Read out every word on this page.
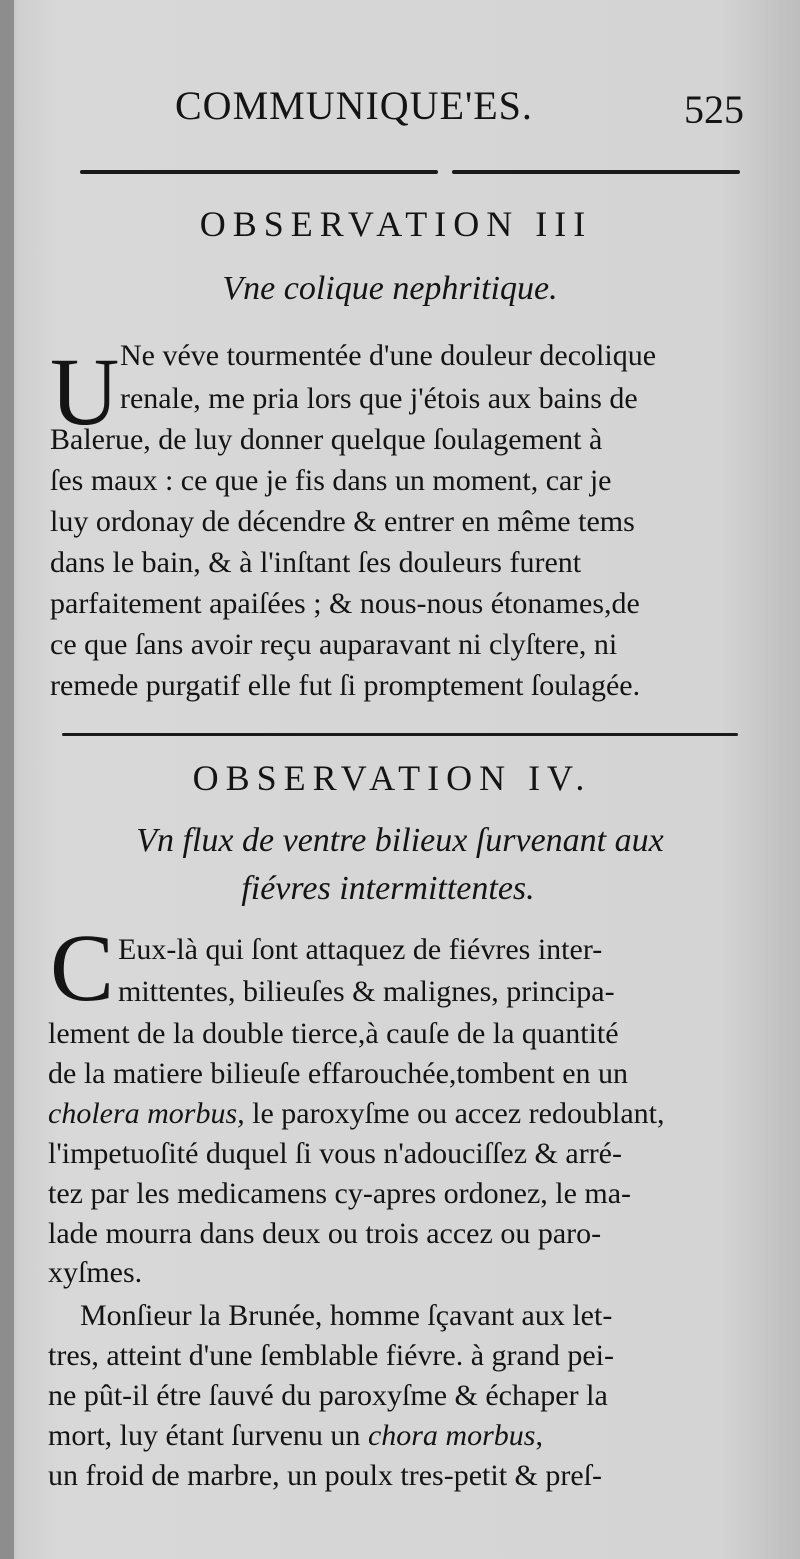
COMMUNIQUE'ES.	525
OBSERVATION III
Vne colique nephritique.
U Ne véve tourmentée d'une douleur decolique
renale, me pria lors que j'étois aux bains de
Balerue, de luy donner quelque ſoulagement à
ſes maux : ce que je fis dans un moment, car je
luy ordonay de décendre & entrer en même tems
dans le bain, & à l'inſtant ſes douleurs furent
parfaitement apaiſées ; & nous-nous étonames,de
ce que ſans avoir reçu auparavant ni clyſtere, ni
remede purgatif elle fut ſi promptement ſoulagée.
OBSERVATION IV.
Vn flux de ventre bilieux ſurvenant aux
fiévres intermittentes.
C Eux-là qui ſont attaquez de fiévres inter-
mittentes, bilieuſes & malignes, principa-
lement de la double tierce,à cauſe de la quantité
de la matiere bilieuſe effarouchée,tombent en un
cholera morbus, le paroxyſme ou accez redoublant,
l'impetuoſité duquel ſi vous n'adouciſſez & arré-
tez par les medicamens cy-apres ordonez, le ma-
lade mourra dans deux ou trois accez ou paro-
xyſmes.
Monſieur la Brunée, homme ſçavant aux let-
tres, atteint d'une ſemblable fiévre. à grand pei-
ne pût-il étre ſauvé du paroxyſme & échaper la
mort, luy étant ſurvenu un chora morbus,
un froid de marbre, un poulx tres-petit & preſ-
